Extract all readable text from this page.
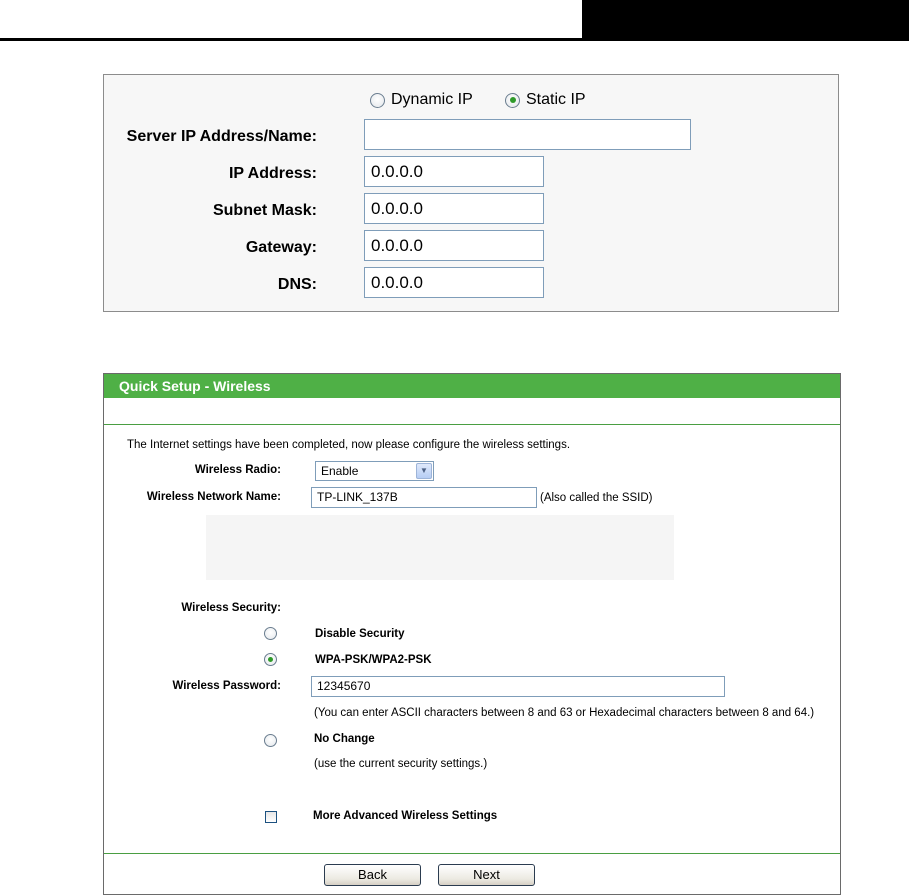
Dynamic IP	Static IP
Server IP Address/Name:
IP Address:	0.0.0.0
Subnet Mask:	0.0.0.0
Gateway:	0.0.0.0
DNS:	0.0.0.0
Quick Setup - Wireless
The Internet settings have been completed, now please configure the wireless settings.
Wireless Radio:	Enable	▼
Wireless Network Name:	TP-LINK_137B	(Also called the SSID)
Wireless Security:
Disable Security
WPA-PSK/WPA2-PSK
Wireless Password:	12345670
(You can enter ASCII characters between 8 and 63 or Hexadecimal characters between 8 and 64.)
No Change
(use the current security settings.)
More Advanced Wireless Settings
Back	Next
